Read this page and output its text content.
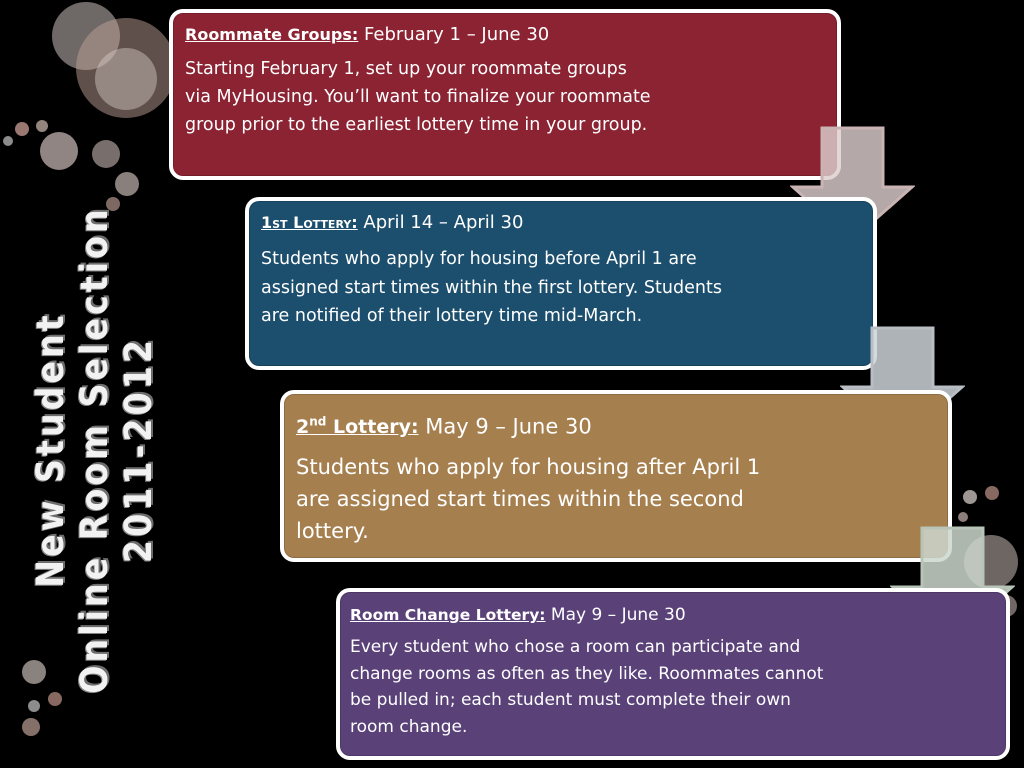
New Student Online Room Selection 2011-2012
Roommate Groups: February 1 – June 30

Starting February 1, set up your roommate groups via MyHousing. You’ll want to finalize your roommate group prior to the earliest lottery time in your group.

1st Lottery: April 14 – April 30

Students who apply for housing before April 1 are assigned start times within the first lottery. Students are notified of their lottery time mid-March.

2nd Lottery: May 9 – June 30

Students who apply for housing after April 1 are assigned start times within the second lottery.

Room Change Lottery: May 9 – June 30

Every student who chose a room can participate and change rooms as often as they like. Roommates cannot be pulled in; each student must complete their own room change.
